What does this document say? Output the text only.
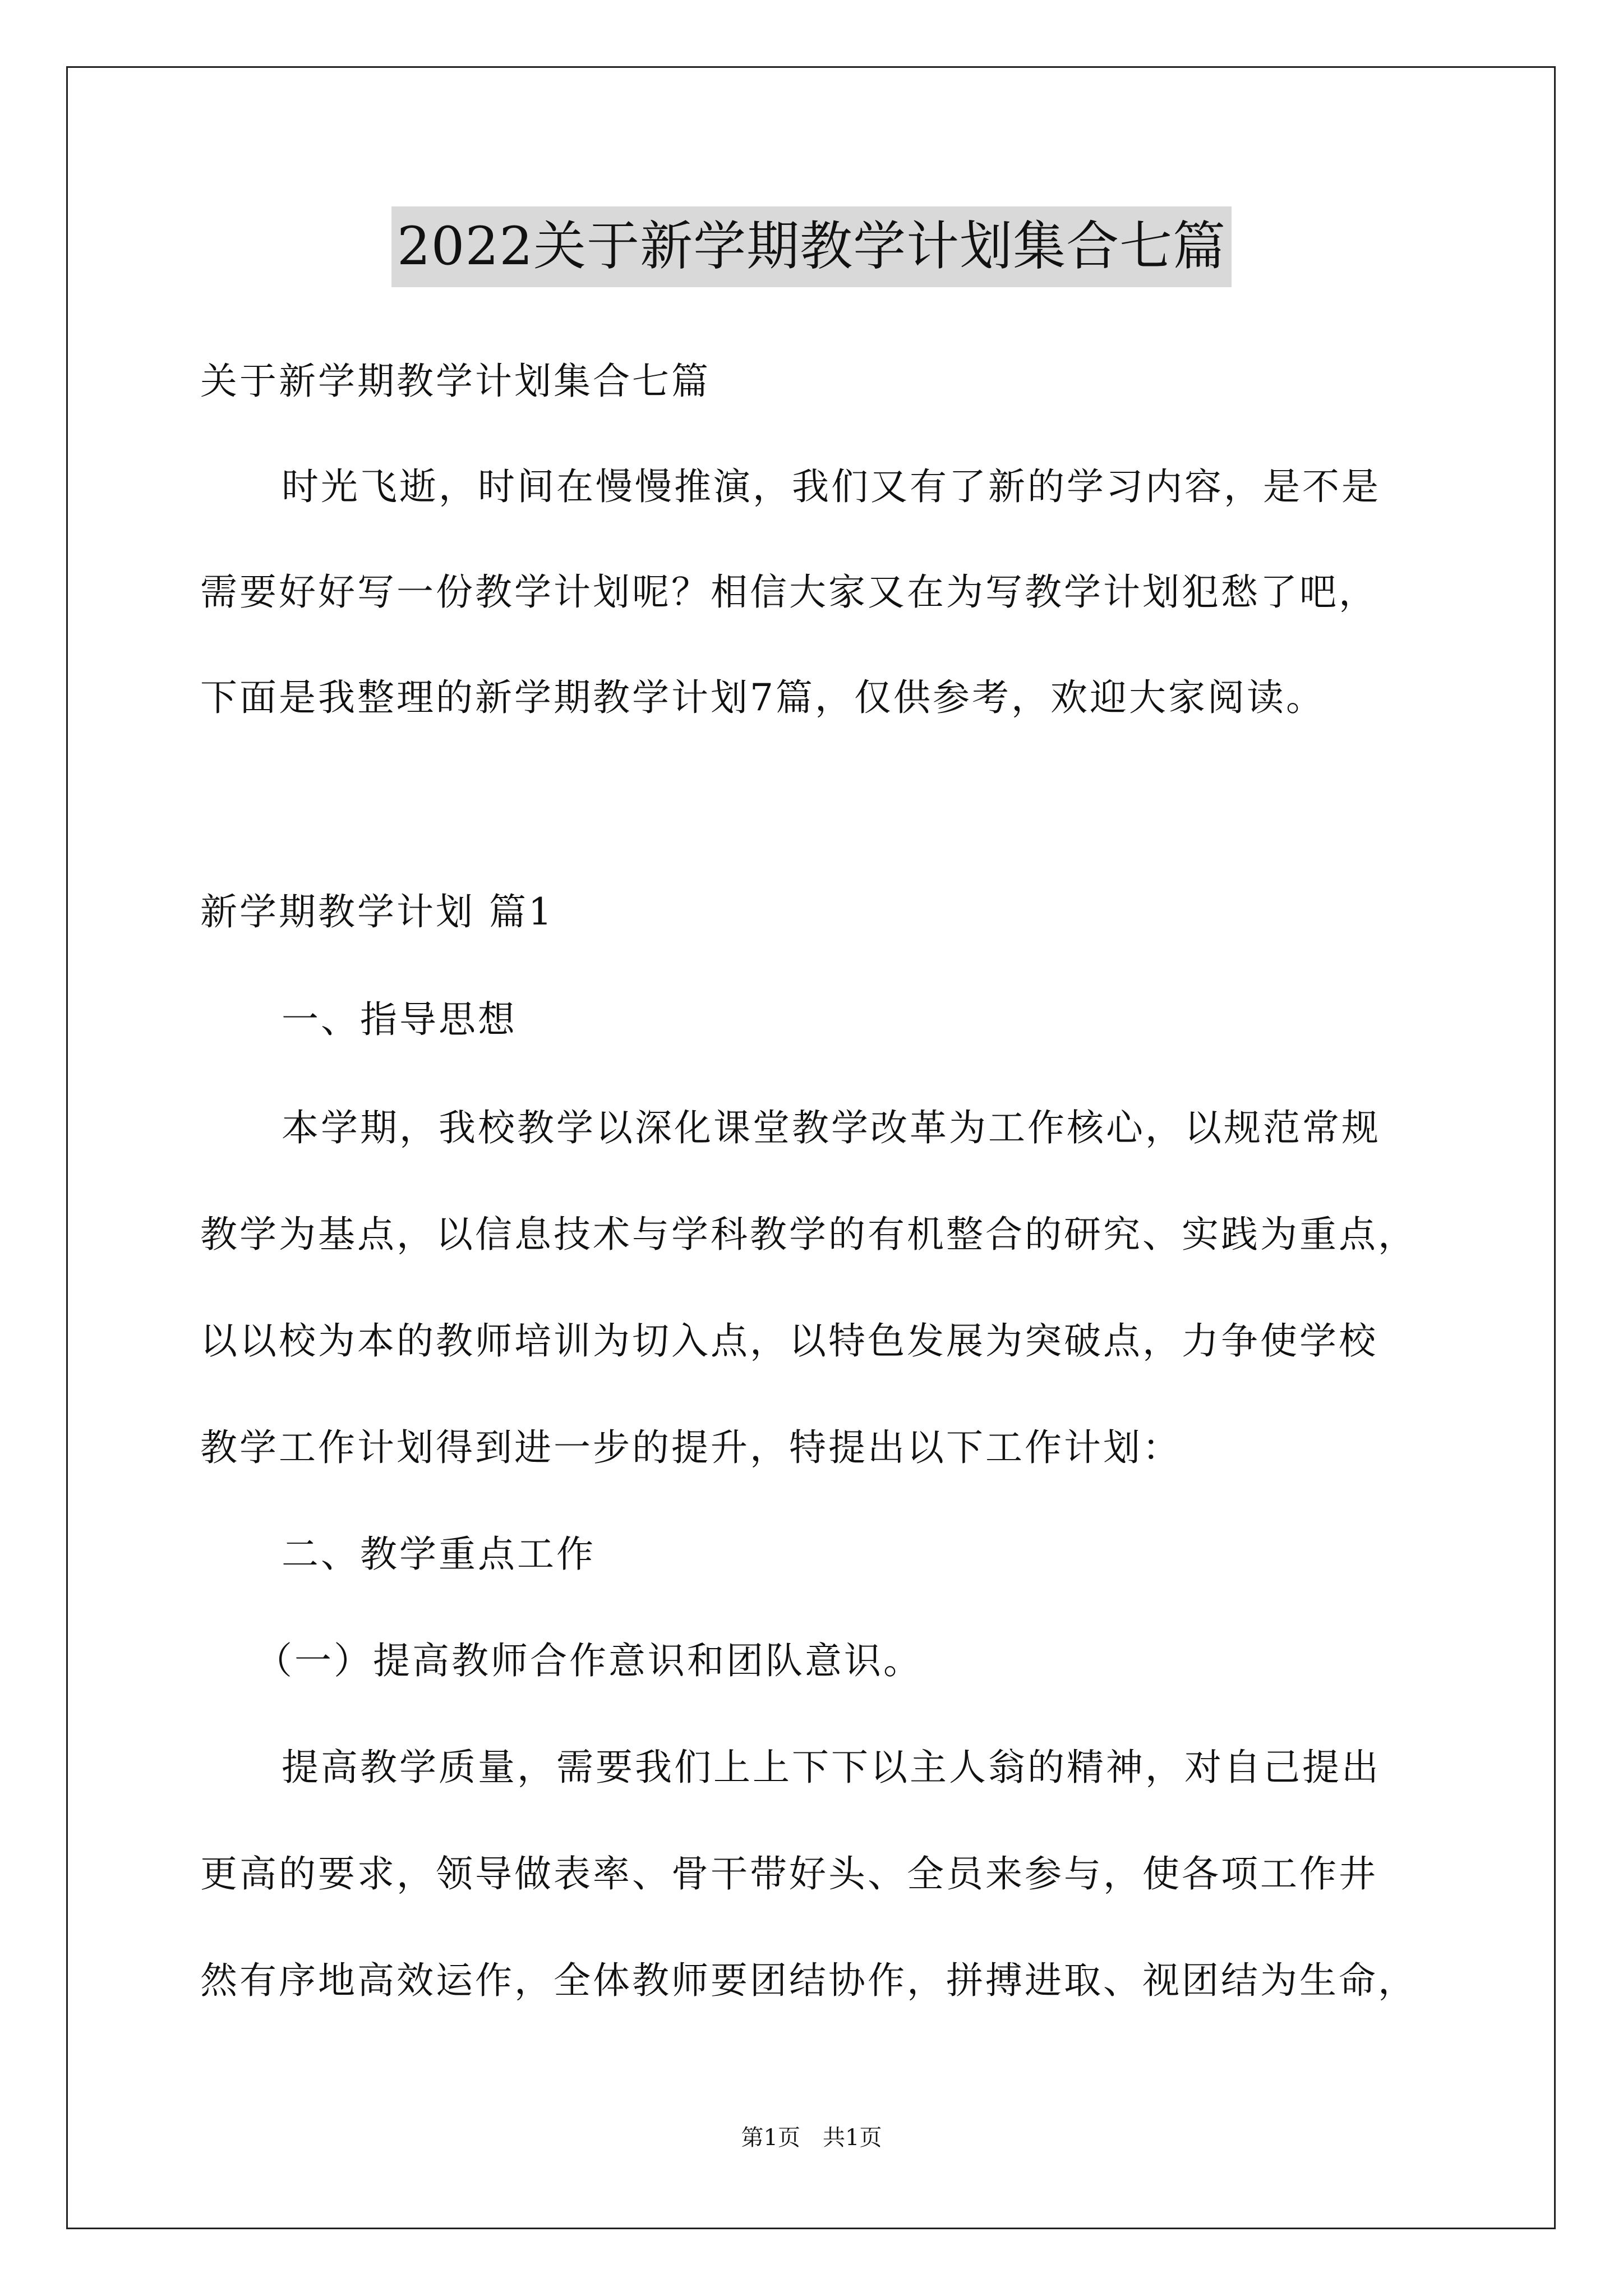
2022关于新学期教学计划集合七篇
关于新学期教学计划集合七篇
时光飞逝，时间在慢慢推演，我们又有了新的学习内容，是不是
需要好好写一份教学计划呢？相信大家又在为写教学计划犯愁了吧，
下面是我整理的新学期教学计划7篇，仅供参考，欢迎大家阅读。
新学期教学计划 篇1
一、指导思想
本学期，我校教学以深化课堂教学改革为工作核心，以规范常规
教学为基点，以信息技术与学科教学的有机整合的研究、实践为重点，
以以校为本的教师培训为切入点，以特色发展为突破点，力争使学校
教学工作计划得到进一步的提升，特提出以下工作计划：
二、教学重点工作
（一）提高教师合作意识和团队意识。
提高教学质量，需要我们上上下下以主人翁的精神，对自己提出
更高的要求，领导做表率、骨干带好头、全员来参与，使各项工作井
然有序地高效运作，全体教师要团结协作，拼搏进取、视团结为生命，
第1页　共1页
